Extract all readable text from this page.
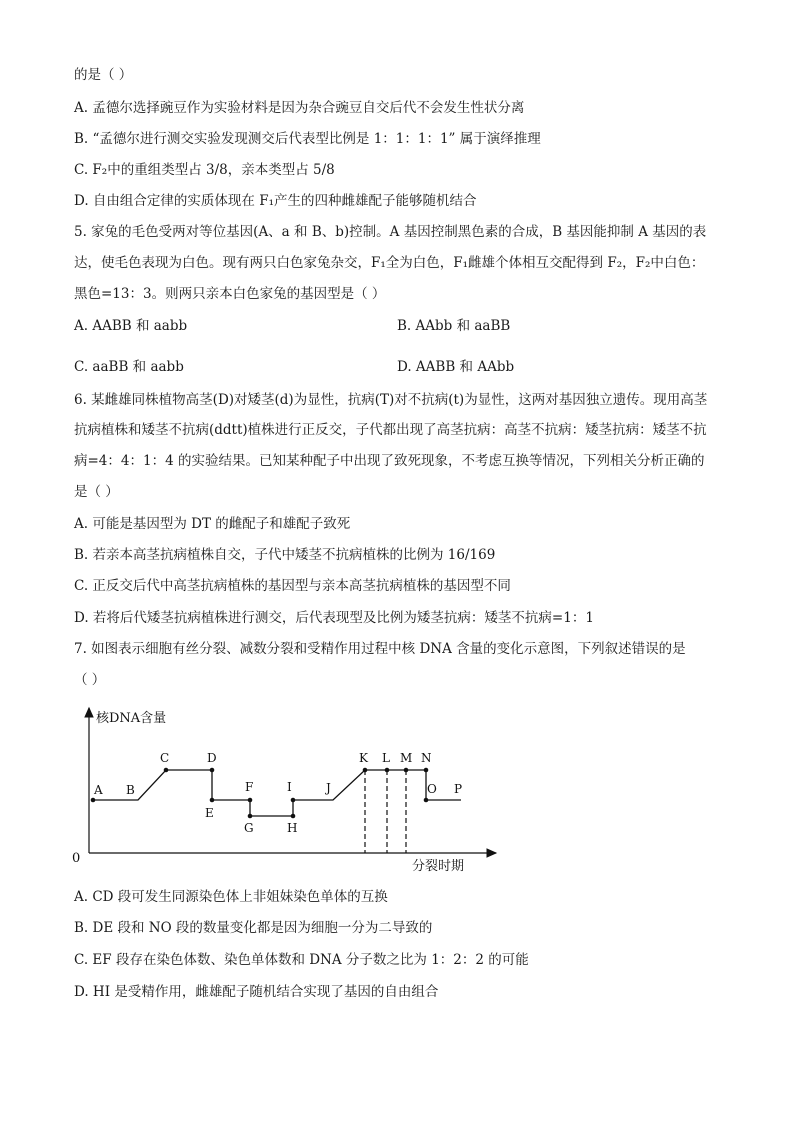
的是（ ）
A. 孟德尔选择豌豆作为实验材料是因为杂合豌豆自交后代不会发生性状分离
B. “孟德尔进行测交实验发现测交后代表型比例是 1：1：1：1” 属于演绎推理
C. F₂中的重组类型占 3/8，亲本类型占 5/8
D. 自由组合定律的实质体现在 F₁产生的四种雌雄配子能够随机结合
5. 家兔的毛色受两对等位基因(A、a 和 B、b)控制。A 基因控制黑色素的合成，B 基因能抑制 A 基因的表
达，使毛色表现为白色。现有两只白色家兔杂交，F₁全为白色，F₁雌雄个体相互交配得到 F₂，F₂中白色：
黑色=13：3。则两只亲本白色家兔的基因型是（ ）
A. AABB 和 aabb	B. AAbb 和 aaBB
C. aaBB 和 aabb	D. AABB 和 AAbb
6. 某雌雄同株植物高茎(D)对矮茎(d)为显性，抗病(T)对不抗病(t)为显性，这两对基因独立遗传。现用高茎
抗病植株和矮茎不抗病(ddtt)植株进行正反交，子代都出现了高茎抗病：高茎不抗病：矮茎抗病：矮茎不抗
病=4：4：1：4 的实验结果。已知某种配子中出现了致死现象，不考虑互换等情况，下列相关分析正确的
是（ ）
A. 可能是基因型为 DT 的雌配子和雄配子致死
B. 若亲本高茎抗病植株自交，子代中矮茎不抗病植株的比例为 16/169
C. 正反交后代中高茎抗病植株的基因型与亲本高茎抗病植株的基因型不同
D. 若将后代矮茎抗病植株进行测交，后代表现型及比例为矮茎抗病：矮茎不抗病=1：1
7. 如图表示细胞有丝分裂、减数分裂和受精作用过程中核 DNA 含量的变化示意图，下列叙述错误的是
（ ）
核DNA含量
分裂时期
0
A B
C	D
E
F
G	H
I	J
K L M N
O P
A. CD 段可发生同源染色体上非姐妹染色单体的互换
B. DE 段和 NO 段的数量变化都是因为细胞一分为二导致的
C. EF 段存在染色体数、染色单体数和 DNA 分子数之比为 1：2：2 的可能
D. HI 是受精作用，雌雄配子随机结合实现了基因的自由组合
